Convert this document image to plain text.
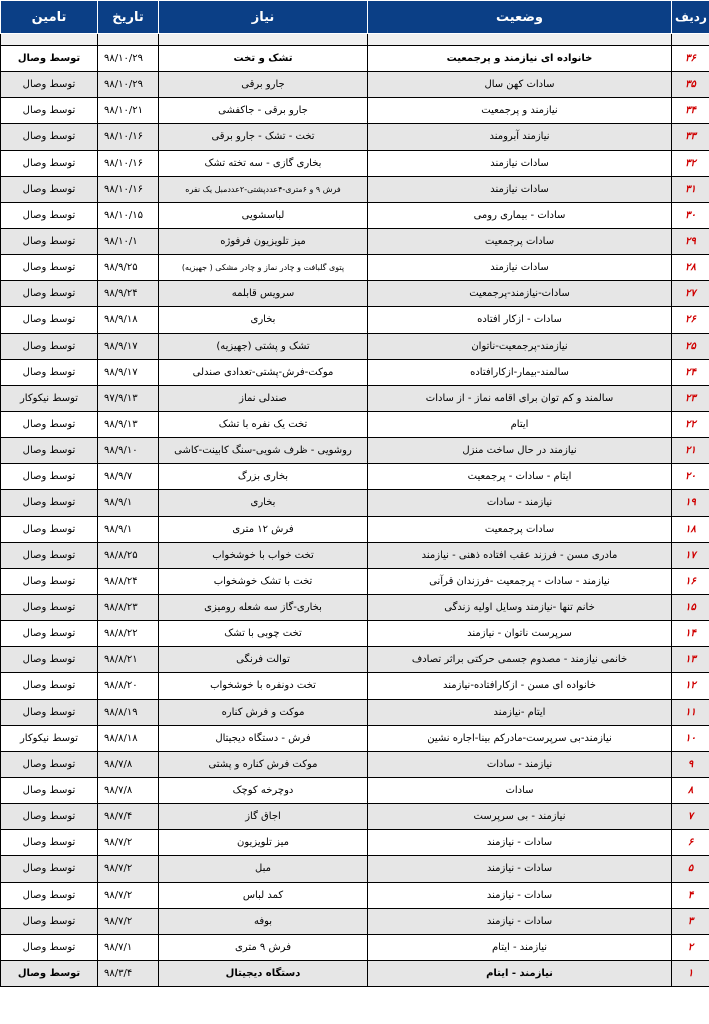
تامین	تاریخ	نیاز	وضعیت	ردیف

توسط وصال	۹۸/۱۰/۲۹	تشک و تخت	خانواده ای نیازمند و پرجمعیت	۳۶
توسط وصال	۹۸/۱۰/۲۹	جارو برقی	سادات کهن سال	۳۵
توسط وصال	۹۸/۱۰/۲۱	جارو برقی - جاکفشی	نیازمند و پرجمعیت	۳۴
توسط وصال	۹۸/۱۰/۱۶	تخت - تشک - جارو برقی	نیازمند آبرومند	۳۳
توسط وصال	۹۸/۱۰/۱۶	بخاری گازی - سه تخته تشک	سادات نیازمند	۳۲
توسط وصال	۹۸/۱۰/۱۶	فرش ۹ و ۶متری-۴عددپشتی-۲عددمبل یک نفره	سادات نیازمند	۳۱
توسط وصال	۹۸/۱۰/۱۵	لباسشویی	سادات - بیماری رومی	۳۰
توسط وصال	۹۸/۱۰/۱	میز تلویزیون فرفوژه	سادات پرجمعیت	۲۹
توسط وصال	۹۸/۹/۲۵	پتوی گلبافت و چادر نماز و چادر مشکی ( جهیزیه)	سادات نیازمند	۲۸
توسط وصال	۹۸/۹/۲۴	سرویس قابلمه	سادات-نیازمند-پرجمعیت	۲۷
توسط وصال	۹۸/۹/۱۸	بخاری	سادات - ازکار افتاده	۲۶
توسط وصال	۹۸/۹/۱۷	تشک و پشتی (جهیزیه)	نیازمند-پرجمعیت-ناتوان	۲۵
توسط وصال	۹۸/۹/۱۷	موکت-فرش-پشتی-تعدادی صندلی	سالمند-بیمار-ازکارافتاده	۲۴
توسط نیکوکار	۹۷/۹/۱۳	صندلی نماز	سالمند و کم توان برای اقامه نماز - از سادات	۲۳
توسط وصال	۹۸/۹/۱۳	تخت یک نفره با تشک	ایتام	۲۲
توسط وصال	۹۸/۹/۱۰	روشویی - ظرف شویی-سنگ کابینت-کاشی	نیازمند در حال ساخت منزل	۲۱
توسط وصال	۹۸/۹/۷	بخاری بزرگ	ایتام - سادات - پرجمعیت	۲۰
توسط وصال	۹۸/۹/۱	بخاری	نیازمند - سادات	۱۹
توسط وصال	۹۸/۹/۱	فرش ۱۲ متری	سادات پرجمعیت	۱۸
توسط وصال	۹۸/۸/۲۵	تخت خواب با خوشخواب	مادری مسن - فرزند عقب افتاده ذهنی - نیازمند	۱۷
توسط وصال	۹۸/۸/۲۴	تخت با تشک خوشخواب	نیازمند - سادات - پرجمعیت -فرزندان قرآنی	۱۶
توسط وصال	۹۸/۸/۲۳	بخاری-گاز سه شعله رومیزی	خانم تنها -نیازمند وسایل اولیه زندگی	۱۵
توسط وصال	۹۸/۸/۲۲	تخت چوبی با تشک	سرپرست ناتوان - نیازمند	۱۴
توسط وصال	۹۸/۸/۲۱	توالت فرنگی	خانمی نیازمند - مصدوم جسمی حرکتی براثر تصادف	۱۳
توسط وصال	۹۸/۸/۲۰	تخت دونفره با خوشخواب	خانواده ای مسن - ازکارافتاده-نیازمند	۱۲
توسط وصال	۹۸/۸/۱۹	موکت و فرش کناره	ایتام -نیازمند	۱۱
توسط نیکوکار	۹۸/۸/۱۸	فرش - دستگاه دیجیتال	نیازمند-بی سرپرست-مادرکم بینا-اجاره نشین	۱۰
توسط وصال	۹۸/۷/۸	موکت فرش کناره و پشتی	نیازمند - سادات	۹
توسط وصال	۹۸/۷/۸	دوچرخه کوچک	سادات	۸
توسط وصال	۹۸/۷/۴	اجاق گاز	نیازمند - بی سرپرست	۷
توسط وصال	۹۸/۷/۲	میز تلویزیون	سادات - نیازمند	۶
توسط وصال	۹۸/۷/۲	مبل	سادات - نیازمند	۵
توسط وصال	۹۸/۷/۲	کمد لباس	سادات - نیازمند	۴
توسط وصال	۹۸/۷/۲	بوفه	سادات - نیازمند	۳
توسط وصال	۹۸/۷/۱	فرش ۹ متری	نیازمند - ایتام	۲
توسط وصال	۹۸/۳/۴	دستگاه دیجیتال	نیازمند - ایتام	۱
